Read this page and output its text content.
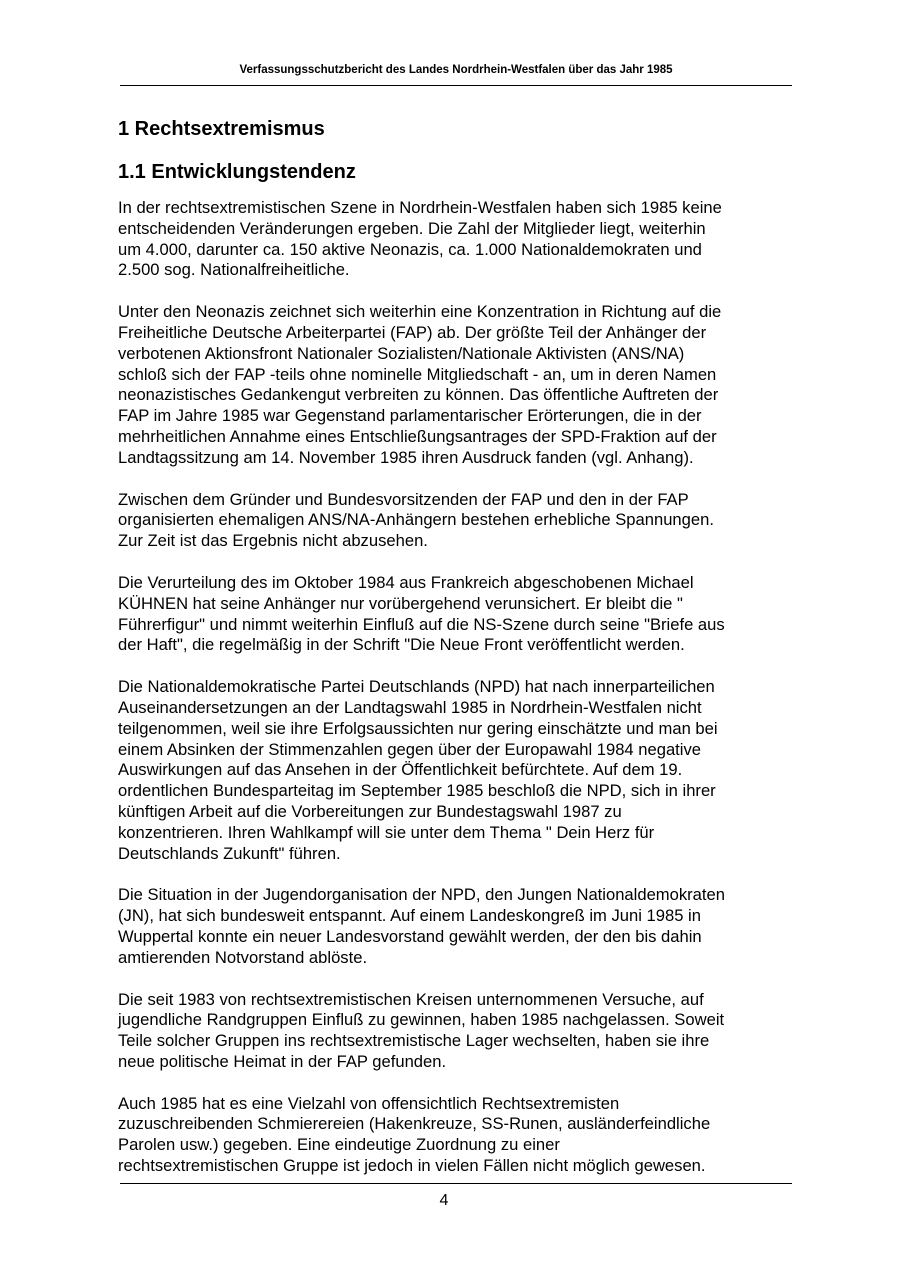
Verfassungsschutzbericht des Landes Nordrhein-Westfalen über das Jahr 1985
1 Rechtsextremismus
1.1 Entwicklungstendenz

In der rechtsextremistischen Szene in Nordrhein-Westfalen haben sich 1985 keine
entscheidenden Veränderungen ergeben. Die Zahl der Mitglieder liegt, weiterhin
um 4.000, darunter ca. 150 aktive Neonazis, ca. 1.000 Nationaldemokraten und
2.500 sog. Nationalfreiheitliche.

Unter den Neonazis zeichnet sich weiterhin eine Konzentration in Richtung auf die
Freiheitliche Deutsche Arbeiterpartei (FAP) ab. Der größte Teil der Anhänger der
verbotenen Aktionsfront Nationaler Sozialisten/Nationale Aktivisten (ANS/NA)
schloß sich der FAP -teils ohne nominelle Mitgliedschaft - an, um in deren Namen
neonazistisches Gedankengut verbreiten zu können. Das öffentliche Auftreten der
FAP im Jahre 1985 war Gegenstand parlamentarischer Erörterungen, die in der
mehrheitlichen Annahme eines Entschließungsantrages der SPD-Fraktion auf der
Landtagssitzung am 14. November 1985 ihren Ausdruck fanden (vgl. Anhang).

Zwischen dem Gründer und Bundesvorsitzenden der FAP und den in der FAP
organisierten ehemaligen ANS/NA-Anhängern bestehen erhebliche Spannungen.
Zur Zeit ist das Ergebnis nicht abzusehen.

Die Verurteilung des im Oktober 1984 aus Frankreich abgeschobenen Michael
KÜHNEN hat seine Anhänger nur vorübergehend verunsichert. Er bleibt die "
Führerfigur" und nimmt weiterhin Einfluß auf die NS-Szene durch seine "Briefe aus
der Haft", die regelmäßig in der Schrift "Die Neue Front veröffentlicht werden.

Die Nationaldemokratische Partei Deutschlands (NPD) hat nach innerparteilichen
Auseinandersetzungen an der Landtagswahl 1985 in Nordrhein-Westfalen nicht
teilgenommen, weil sie ihre Erfolgsaussichten nur gering einschätzte und man bei
einem Absinken der Stimmenzahlen gegen über der Europawahl 1984 negative
Auswirkungen auf das Ansehen in der Öffentlichkeit befürchtete. Auf dem 19.
ordentlichen Bundesparteitag im September 1985 beschloß die NPD, sich in ihrer
künftigen Arbeit auf die Vorbereitungen zur Bundestagswahl 1987 zu
konzentrieren. Ihren Wahlkampf will sie unter dem Thema " Dein Herz für
Deutschlands Zukunft" führen.

Die Situation in der Jugendorganisation der NPD, den Jungen Nationaldemokraten
(JN), hat sich bundesweit entspannt. Auf einem Landeskongreß im Juni 1985 in
Wuppertal konnte ein neuer Landesvorstand gewählt werden, der den bis dahin
amtierenden Notvorstand ablöste.

Die seit 1983 von rechtsextremistischen Kreisen unternommenen Versuche, auf
jugendliche Randgruppen Einfluß zu gewinnen, haben 1985 nachgelassen. Soweit
Teile solcher Gruppen ins rechtsextremistische Lager wechselten, haben sie ihre
neue politische Heimat in der FAP gefunden.

Auch 1985 hat es eine Vielzahl von offensichtlich Rechtsextremisten
zuzuschreibenden Schmierereien (Hakenkreuze, SS-Runen, ausländerfeindliche
Parolen usw.) gegeben. Eine eindeutige Zuordnung zu einer
rechtsextremistischen Gruppe ist jedoch in vielen Fällen nicht möglich gewesen.

4
